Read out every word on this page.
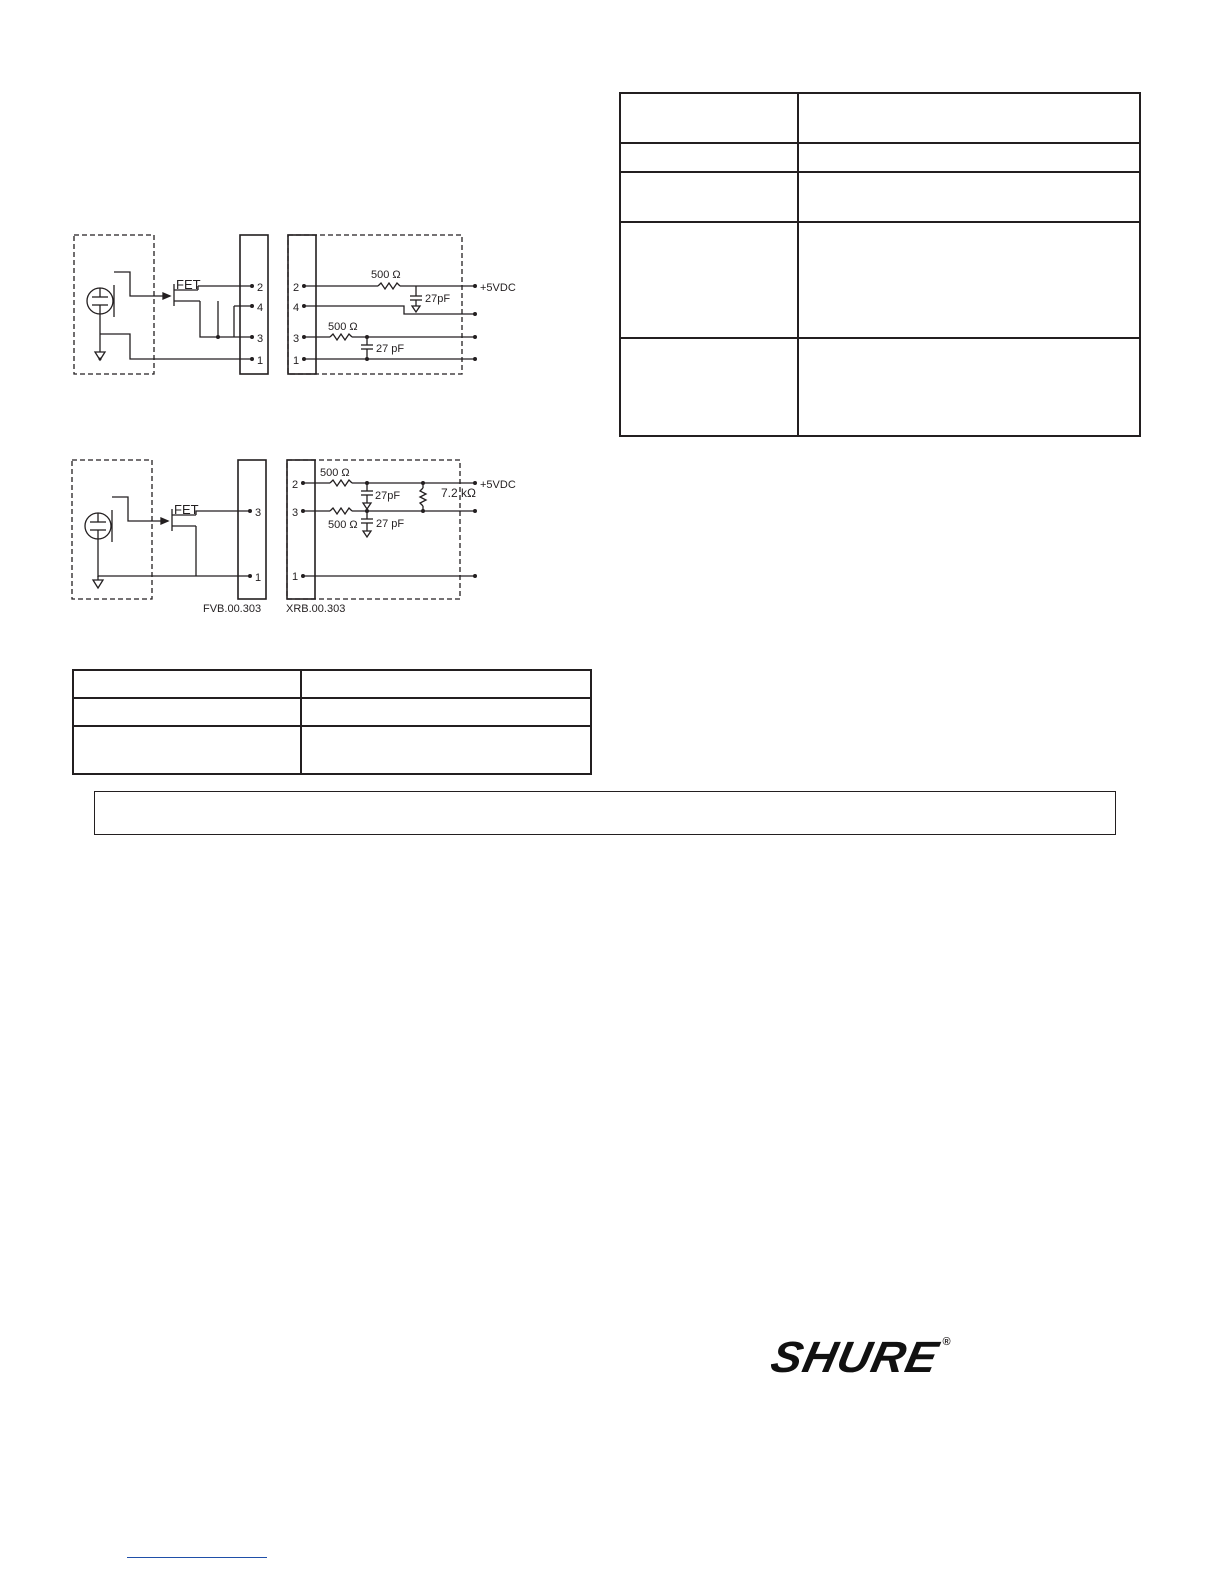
FET	2
4
3
1
2
4
3
1
500 Ω
27pF
500 Ω
27 pF
+5VDC
FET	3
1
2
3
1
500 Ω
27pF	7.2 kΩ
500 Ω 27 pF
+5VDC
FVB.00.303 XRB.00.303

SHURE ®
